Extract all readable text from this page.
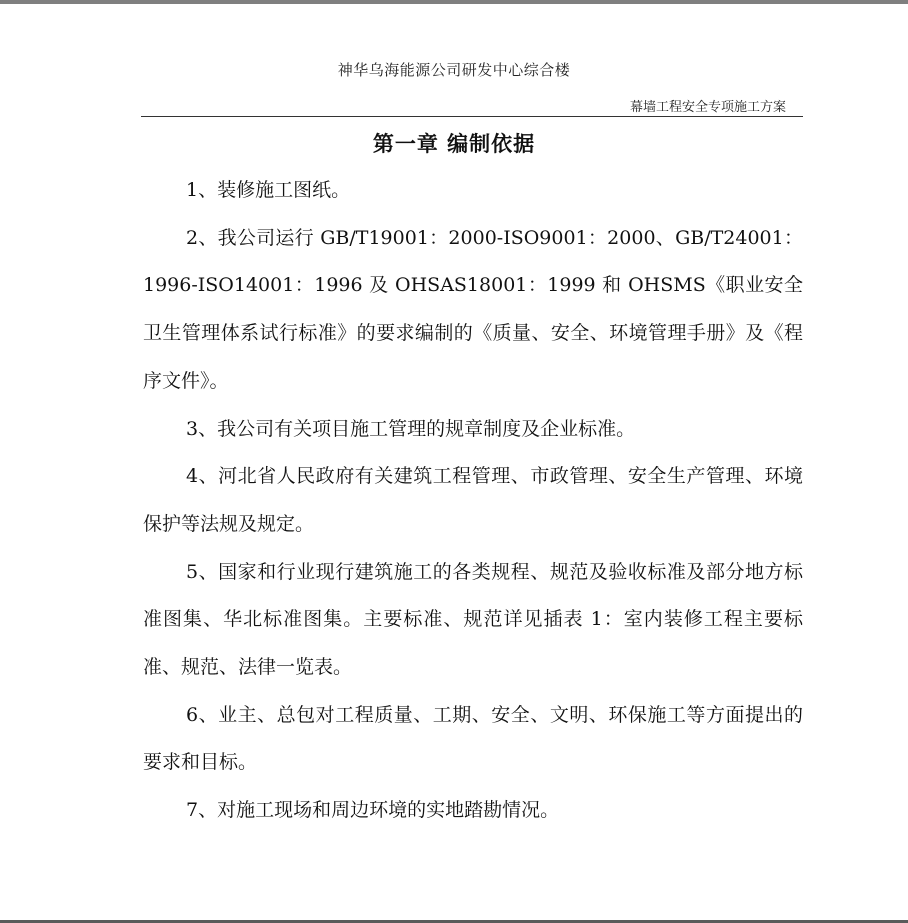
神华乌海能源公司研发中心综合楼
幕墙工程安全专项施工方案
第一章 编制依据

1、装修施工图纸。

2、我公司运行 GB/T19001：2000-ISO9001：2000、GB/T24001：1996-ISO14001：1996 及 OHSAS18001：1999 和 OHSMS《职业安全卫生管理体系试行标准》的要求编制的《质量、安全、环境管理手册》及《程序文件》。

3、我公司有关项目施工管理的规章制度及企业标准。

4、河北省人民政府有关建筑工程管理、市政管理、安全生产管理、环境保护等法规及规定。

5、国家和行业现行建筑施工的各类规程、规范及验收标准及部分地方标准图集、华北标准图集。主要标准、规范详见插表 1：室内装修工程主要标准、规范、法律一览表。

6、业主、总包对工程质量、工期、安全、文明、环保施工等方面提出的要求和目标。

7、对施工现场和周边环境的实地踏勘情况。
